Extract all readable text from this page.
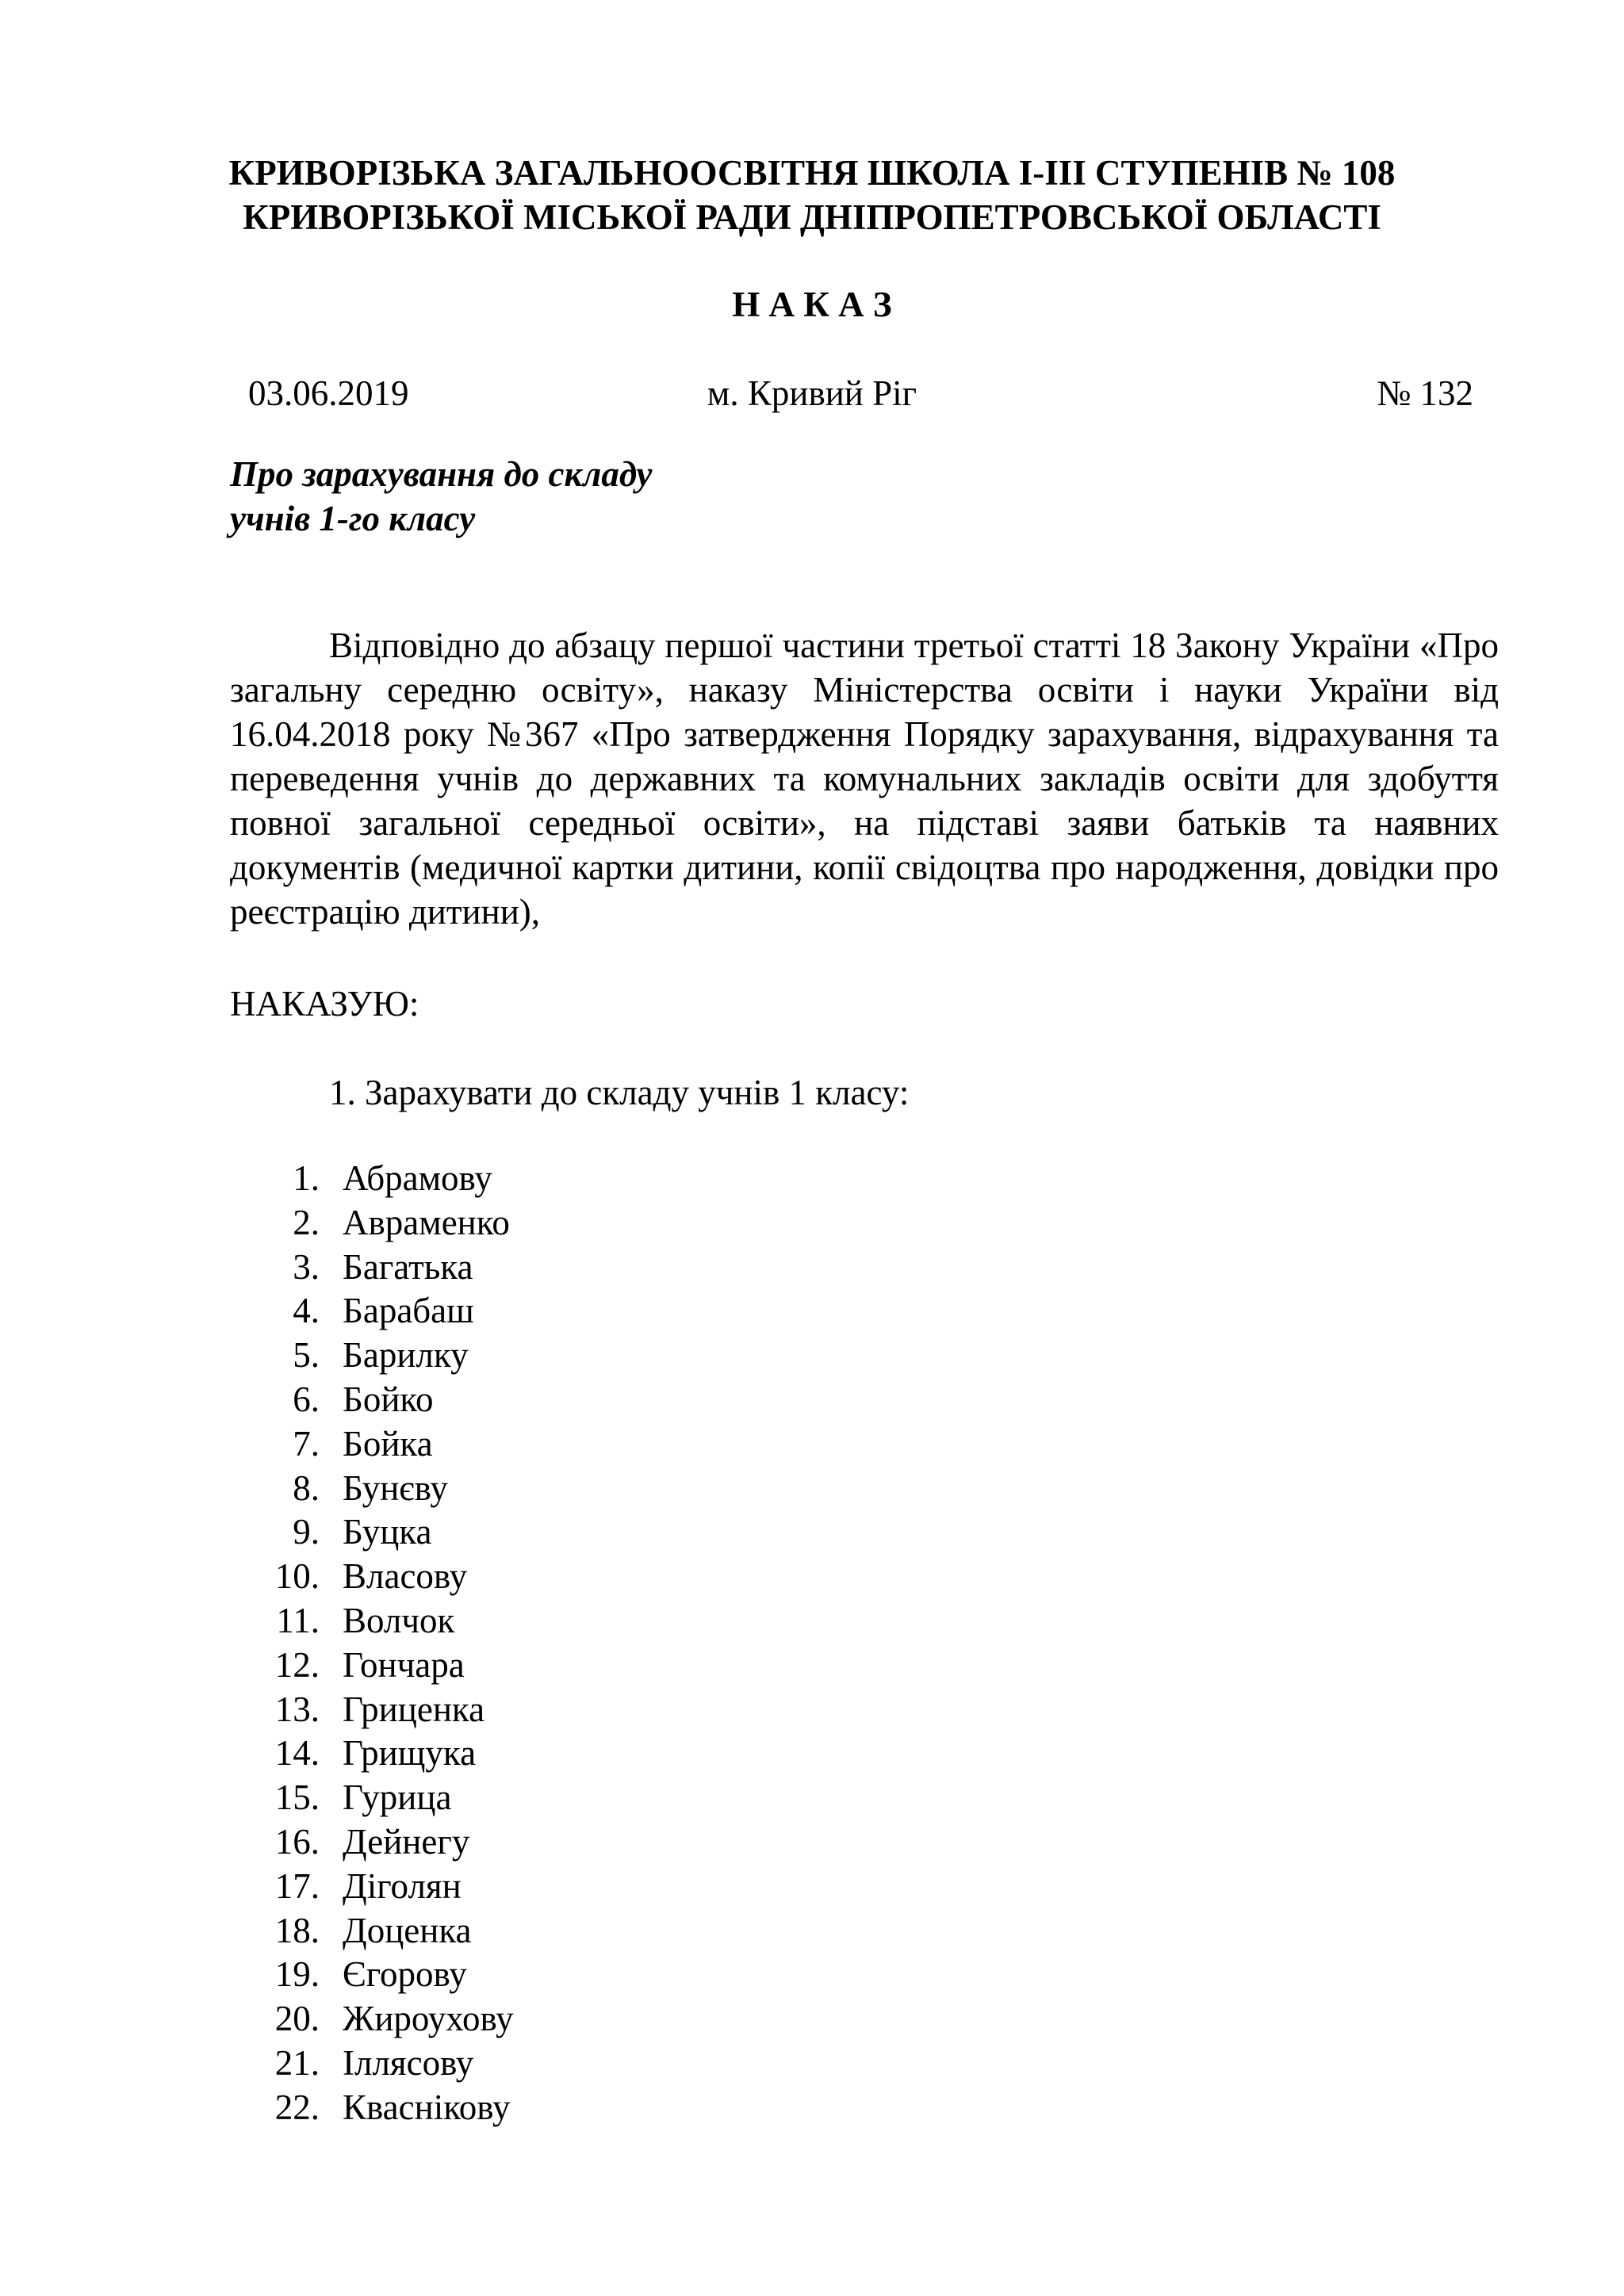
КРИВОРІЗЬКА ЗАГАЛЬНООСВІТНЯ ШКОЛА І-ІІІ СТУПЕНІВ № 108
КРИВОРІЗЬКОЇ МІСЬКОЇ РАДИ ДНІПРОПЕТРОВСЬКОЇ ОБЛАСТІ
Н А К А З
м. Кривий Ріг
03.06.2019	№ 132
Про зарахування до складу
учнів 1-го класу
Відповідно до абзацу першої частини третьої статті 18 Закону України «Про загальну середню освіту», наказу Міністерства освіти і науки України від 16.04.2018 року №367 «Про затвердження Порядку зарахування, відрахування та переведення учнів до державних та комунальних закладів освіти для здобуття повної загальної середньої освіти», на підставі заяви батьків та наявних документів (медичної картки дитини, копії свідоцтва про народження, довідки про реєстрацію дитини),
НАКАЗУЮ:
1. Зарахувати до складу учнів 1 класу:
1. Абрамову
2. Авраменко
3. Багатька
4. Барабаш
5. Барилку
6. Бойко
7. Бойка
8. Бунєву
9. Буцка
10. Власову
11. Волчок
12. Гончара
13. Гриценка
14. Грищука
15. Гурица
16. Дейнегу
17. Діголян
18. Доценка
19. Єгорову
20. Жироухову
21. Іллясову
22. Кваснікову
